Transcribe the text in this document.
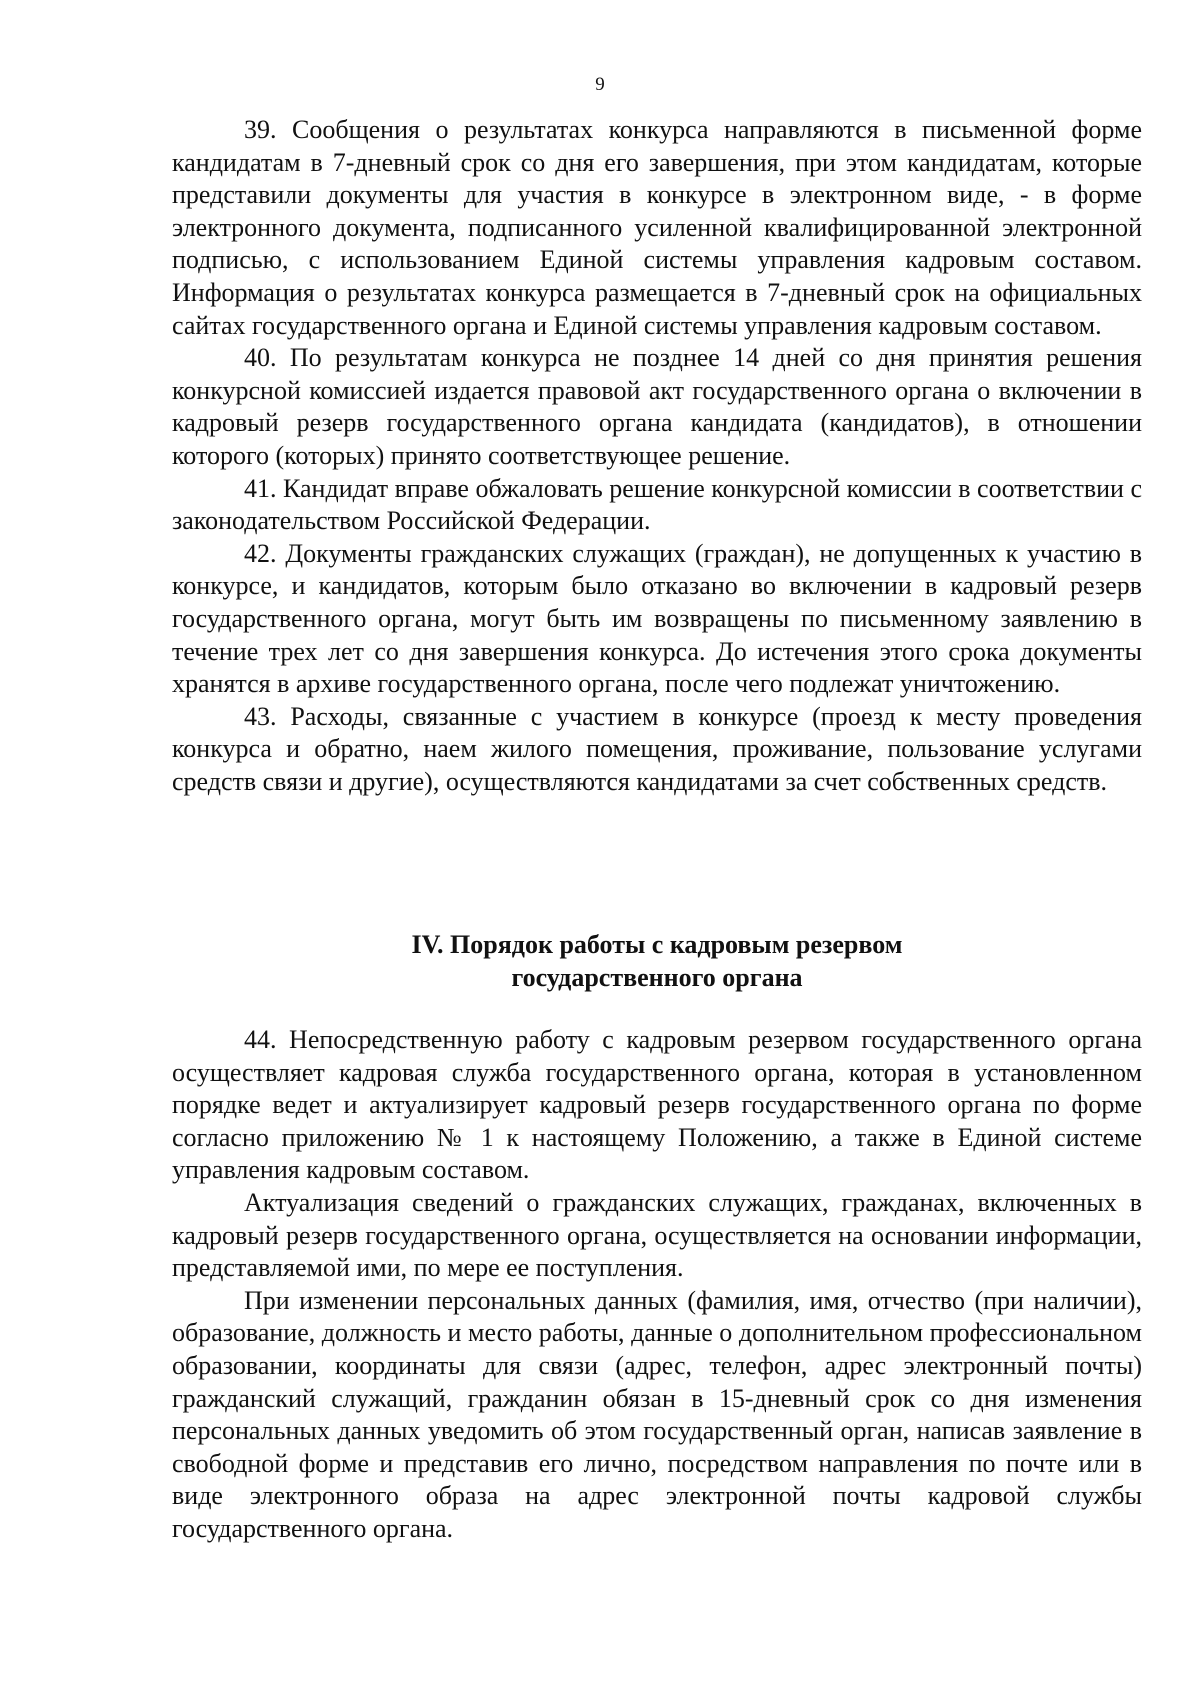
9

39. Сообщения о результатах конкурса направляются в письменной форме кандидатам в 7-дневный срок со дня его завершения, при этом кандидатам, которые представили документы для участия в конкурсе в электронном виде, - в форме электронного документа, подписанного усиленной квалифицированной электронной подписью, с использованием Единой системы управления кадровым составом. Информация о результатах конкурса размещается в 7-дневный срок на официальных сайтах государственного органа и Единой системы управления кадровым составом.

40. По результатам конкурса не позднее 14 дней со дня принятия решения конкурсной комиссией издается правовой акт государственного органа о включении в кадровый резерв государственного органа кандидата (кандидатов), в отношении которого (которых) принято соответствующее решение.

41. Кандидат вправе обжаловать решение конкурсной комиссии в соответствии с законодательством Российской Федерации.

42. Документы гражданских служащих (граждан), не допущенных к участию в конкурсе, и кандидатов, которым было отказано во включении в кадровый резерв государственного органа, могут быть им возвращены по письменному заявлению в течение трех лет со дня завершения конкурса. До истечения этого срока документы хранятся в архиве государственного органа, после чего подлежат уничтожению.

43. Расходы, связанные с участием в конкурсе (проезд к месту проведения конкурса и обратно, наем жилого помещения, проживание, пользование услугами средств связи и другие), осуществляются кандидатами за счет собственных средств.

IV. Порядок работы с кадровым резервом
государственного органа

44. Непосредственную работу с кадровым резервом государственного органа осуществляет кадровая служба государственного органа, которая в установленном порядке ведет и актуализирует кадровый резерв государственного органа по форме согласно приложению № 1 к настоящему Положению, а также в Единой системе управления кадровым составом.

Актуализация сведений о гражданских служащих, гражданах, включенных в кадровый резерв государственного органа, осуществляется на основании информации, представляемой ими, по мере ее поступления.

При изменении персональных данных (фамилия, имя, отчество (при наличии), образование, должность и место работы, данные о дополнительном профессиональном образовании, координаты для связи (адрес, телефон, адрес электронный почты) гражданский служащий, гражданин обязан в 15-дневный срок со дня изменения персональных данных уведомить об этом государственный орган, написав заявление в свободной форме и представив его лично, посредством направления по почте или в виде электронного образа на адрес электронной почты кадровой службы государственного органа.
